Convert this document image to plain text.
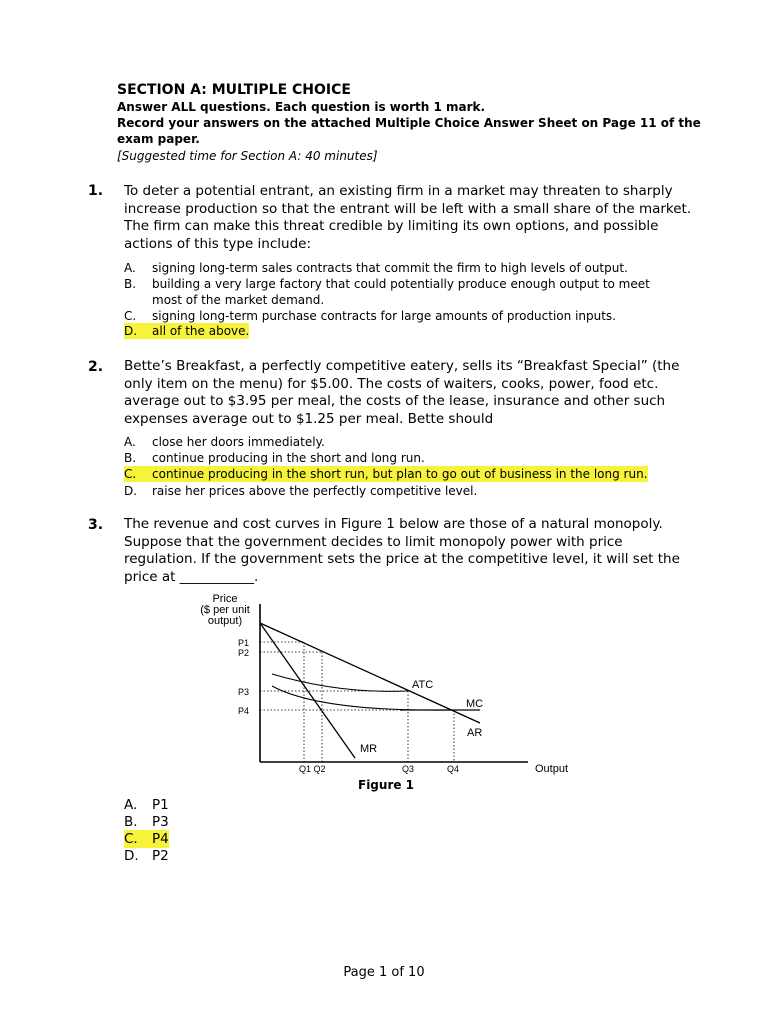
SECTION A: MULTIPLE CHOICE
Answer ALL questions. Each question is worth 1 mark.
Record your answers on the attached Multiple Choice Answer Sheet on Page 11 of the
exam paper.
[Suggested time for Section A: 40 minutes]
1. To deter a potential entrant, an existing firm in a market may threaten to sharply increase production so that the entrant will be left with a small share of the market. The firm can make this threat credible by limiting its own options, and possible actions of this type include:
A. signing long-term sales contracts that commit the firm to high levels of output.
B. building a very large factory that could potentially produce enough output to meet
most of the market demand.
C. signing long-term purchase contracts for large amounts of production inputs.
D. all of the above.
2. Bette’s Breakfast, a perfectly competitive eatery, sells its “Breakfast Special” (the only item on the menu) for $5.00. The costs of waiters, cooks, power, food etc. average out to $3.95 per meal, the costs of the lease, insurance and other such expenses average out to $1.25 per meal. Bette should
A. close her doors immediately.
B. continue producing in the short and long run.
C. continue producing in the short run, but plan to go out of business in the long run.
D. raise her prices above the perfectly competitive level.
3. The revenue and cost curves in Figure 1 below are those of a natural monopoly. Suppose that the government decides to limit monopoly power with price regulation. If the government sets the price at the competitive level, it will set the price at ___________.
Price
($ per unit
output)
P1
P2
P3
P4
Q1 Q2	Q3	Q4	Output
ATC
MC
AR
MR
Figure 1
A. P1
B. P3
C. P4
D. P2
Page 1 of 10
